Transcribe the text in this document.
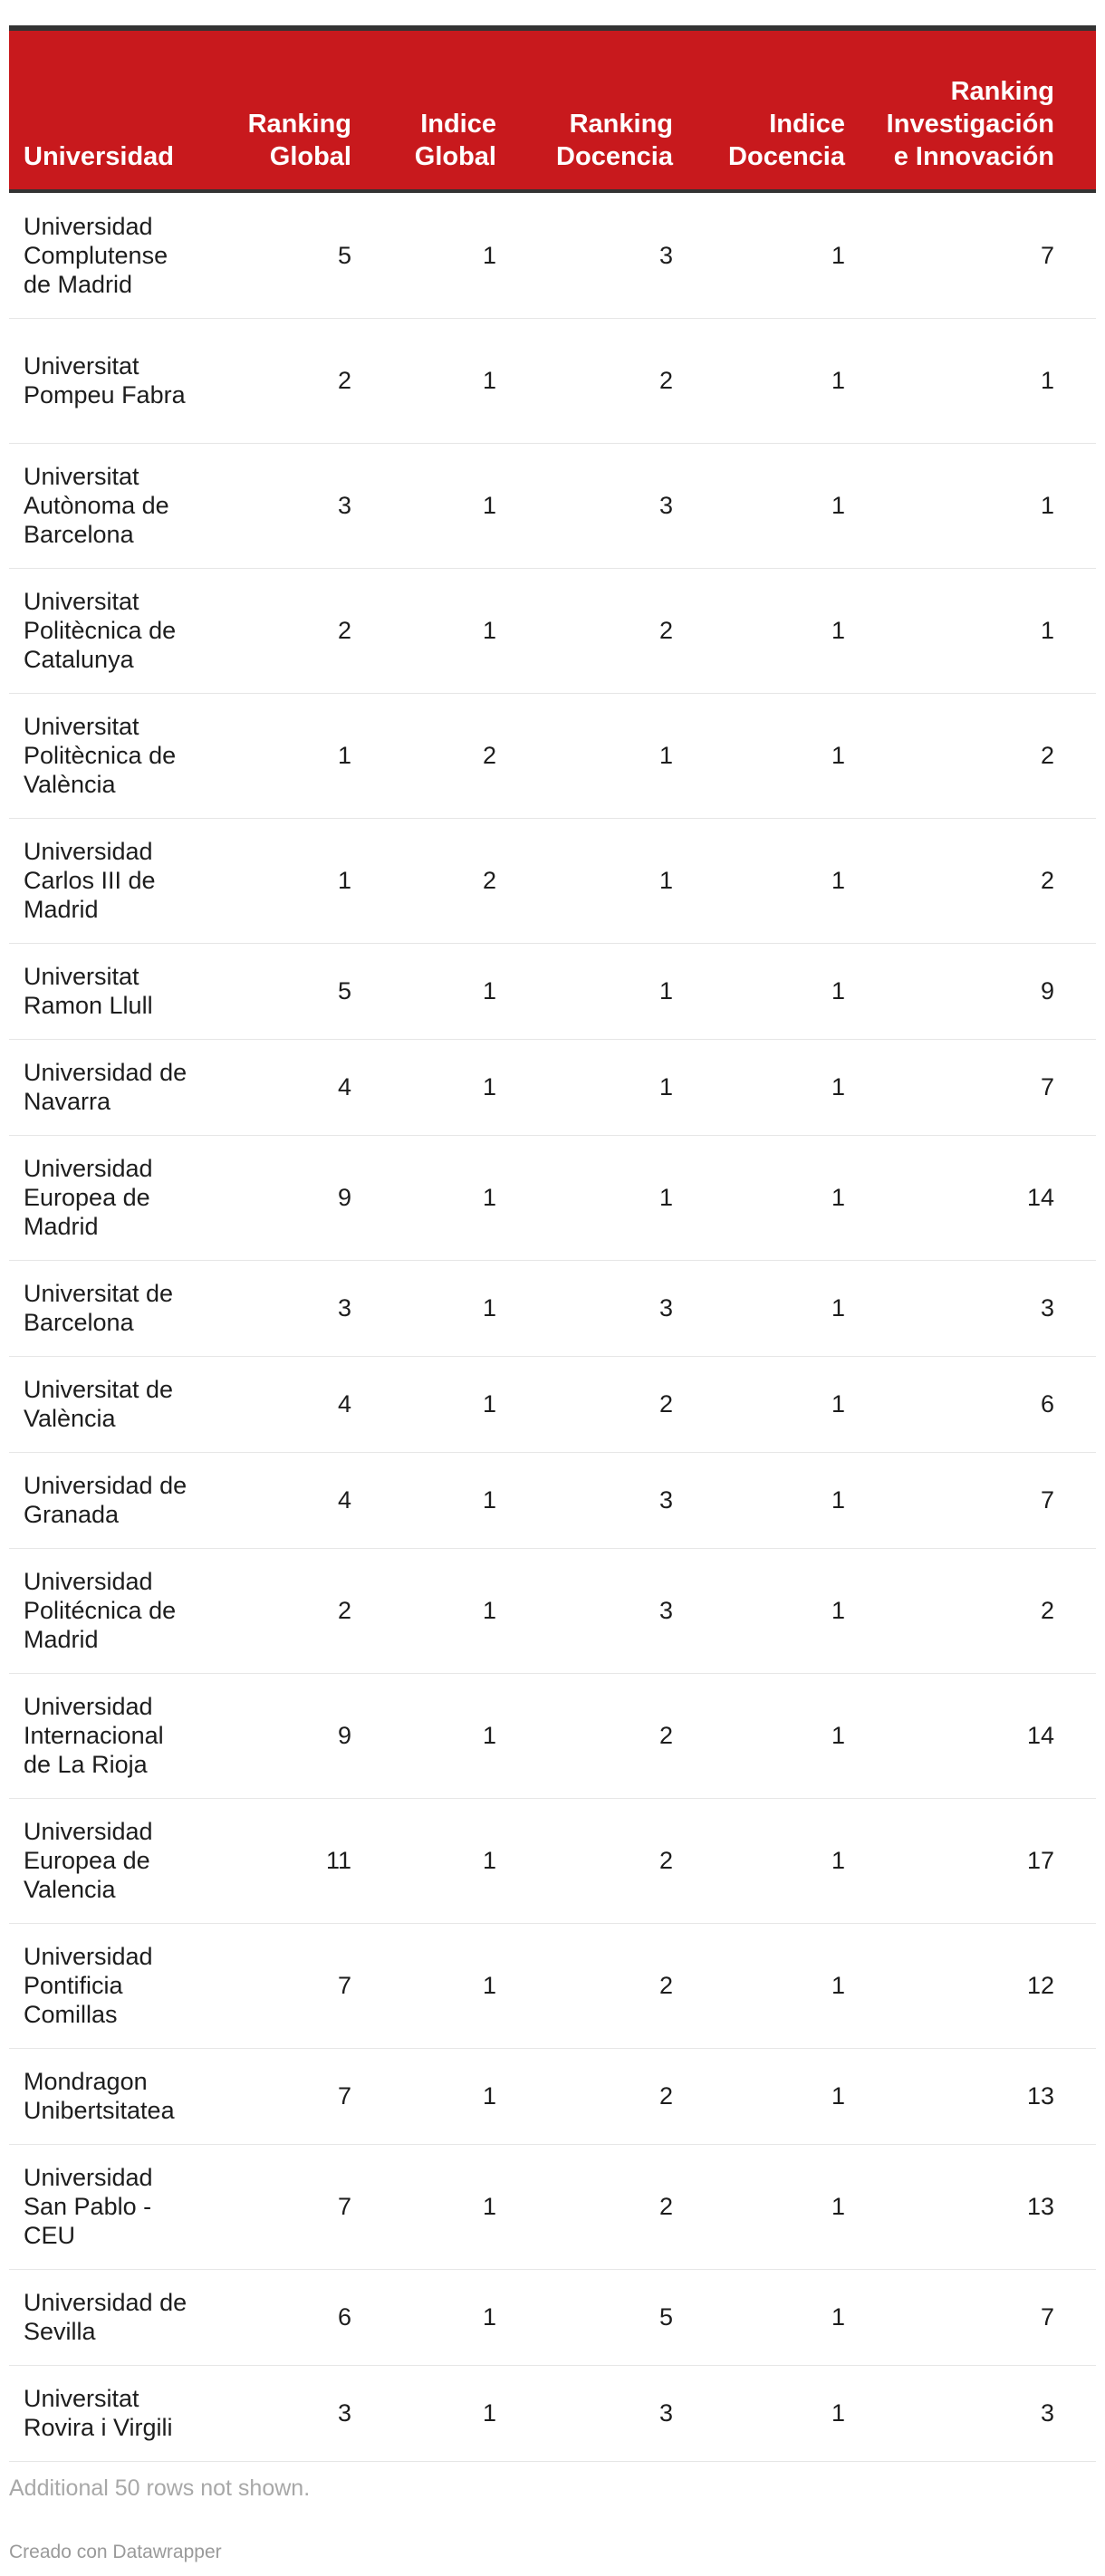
Universidad	Ranking Global	Indice Global	Ranking Docencia	Indice Docencia	Ranking Investigación e Innovación

Universidad Complutense de Madrid	5	1	3	1	7
Universitat Pompeu Fabra	2	1	2	1	1
Universitat Autònoma de Barcelona	3	1	3	1	1
Universitat Politècnica de Catalunya	2	1	2	1	1
Universitat Politècnica de València	1	2	1	1	2
Universidad Carlos III de Madrid	1	2	1	1	2
Universitat Ramon Llull	5	1	1	1	9
Universidad de Navarra	4	1	1	1	7
Universidad Europea de Madrid	9	1	1	1	14
Universitat de Barcelona	3	1	3	1	3
Universitat de València	4	1	2	1	6
Universidad de Granada	4	1	3	1	7
Universidad Politécnica de Madrid	2	1	3	1	2
Universidad Internacional de La Rioja	9	1	2	1	14
Universidad Europea de Valencia	11	1	2	1	17
Universidad Pontificia Comillas	7	1	2	1	12
Mondragon Unibertsitatea	7	1	2	1	13
Universidad San Pablo - CEU	7	1	2	1	13
Universidad de Sevilla	6	1	5	1	7
Universitat Rovira i Virgili	3	1	3	1	3
Additional 50 rows not shown.
Creado con Datawrapper
